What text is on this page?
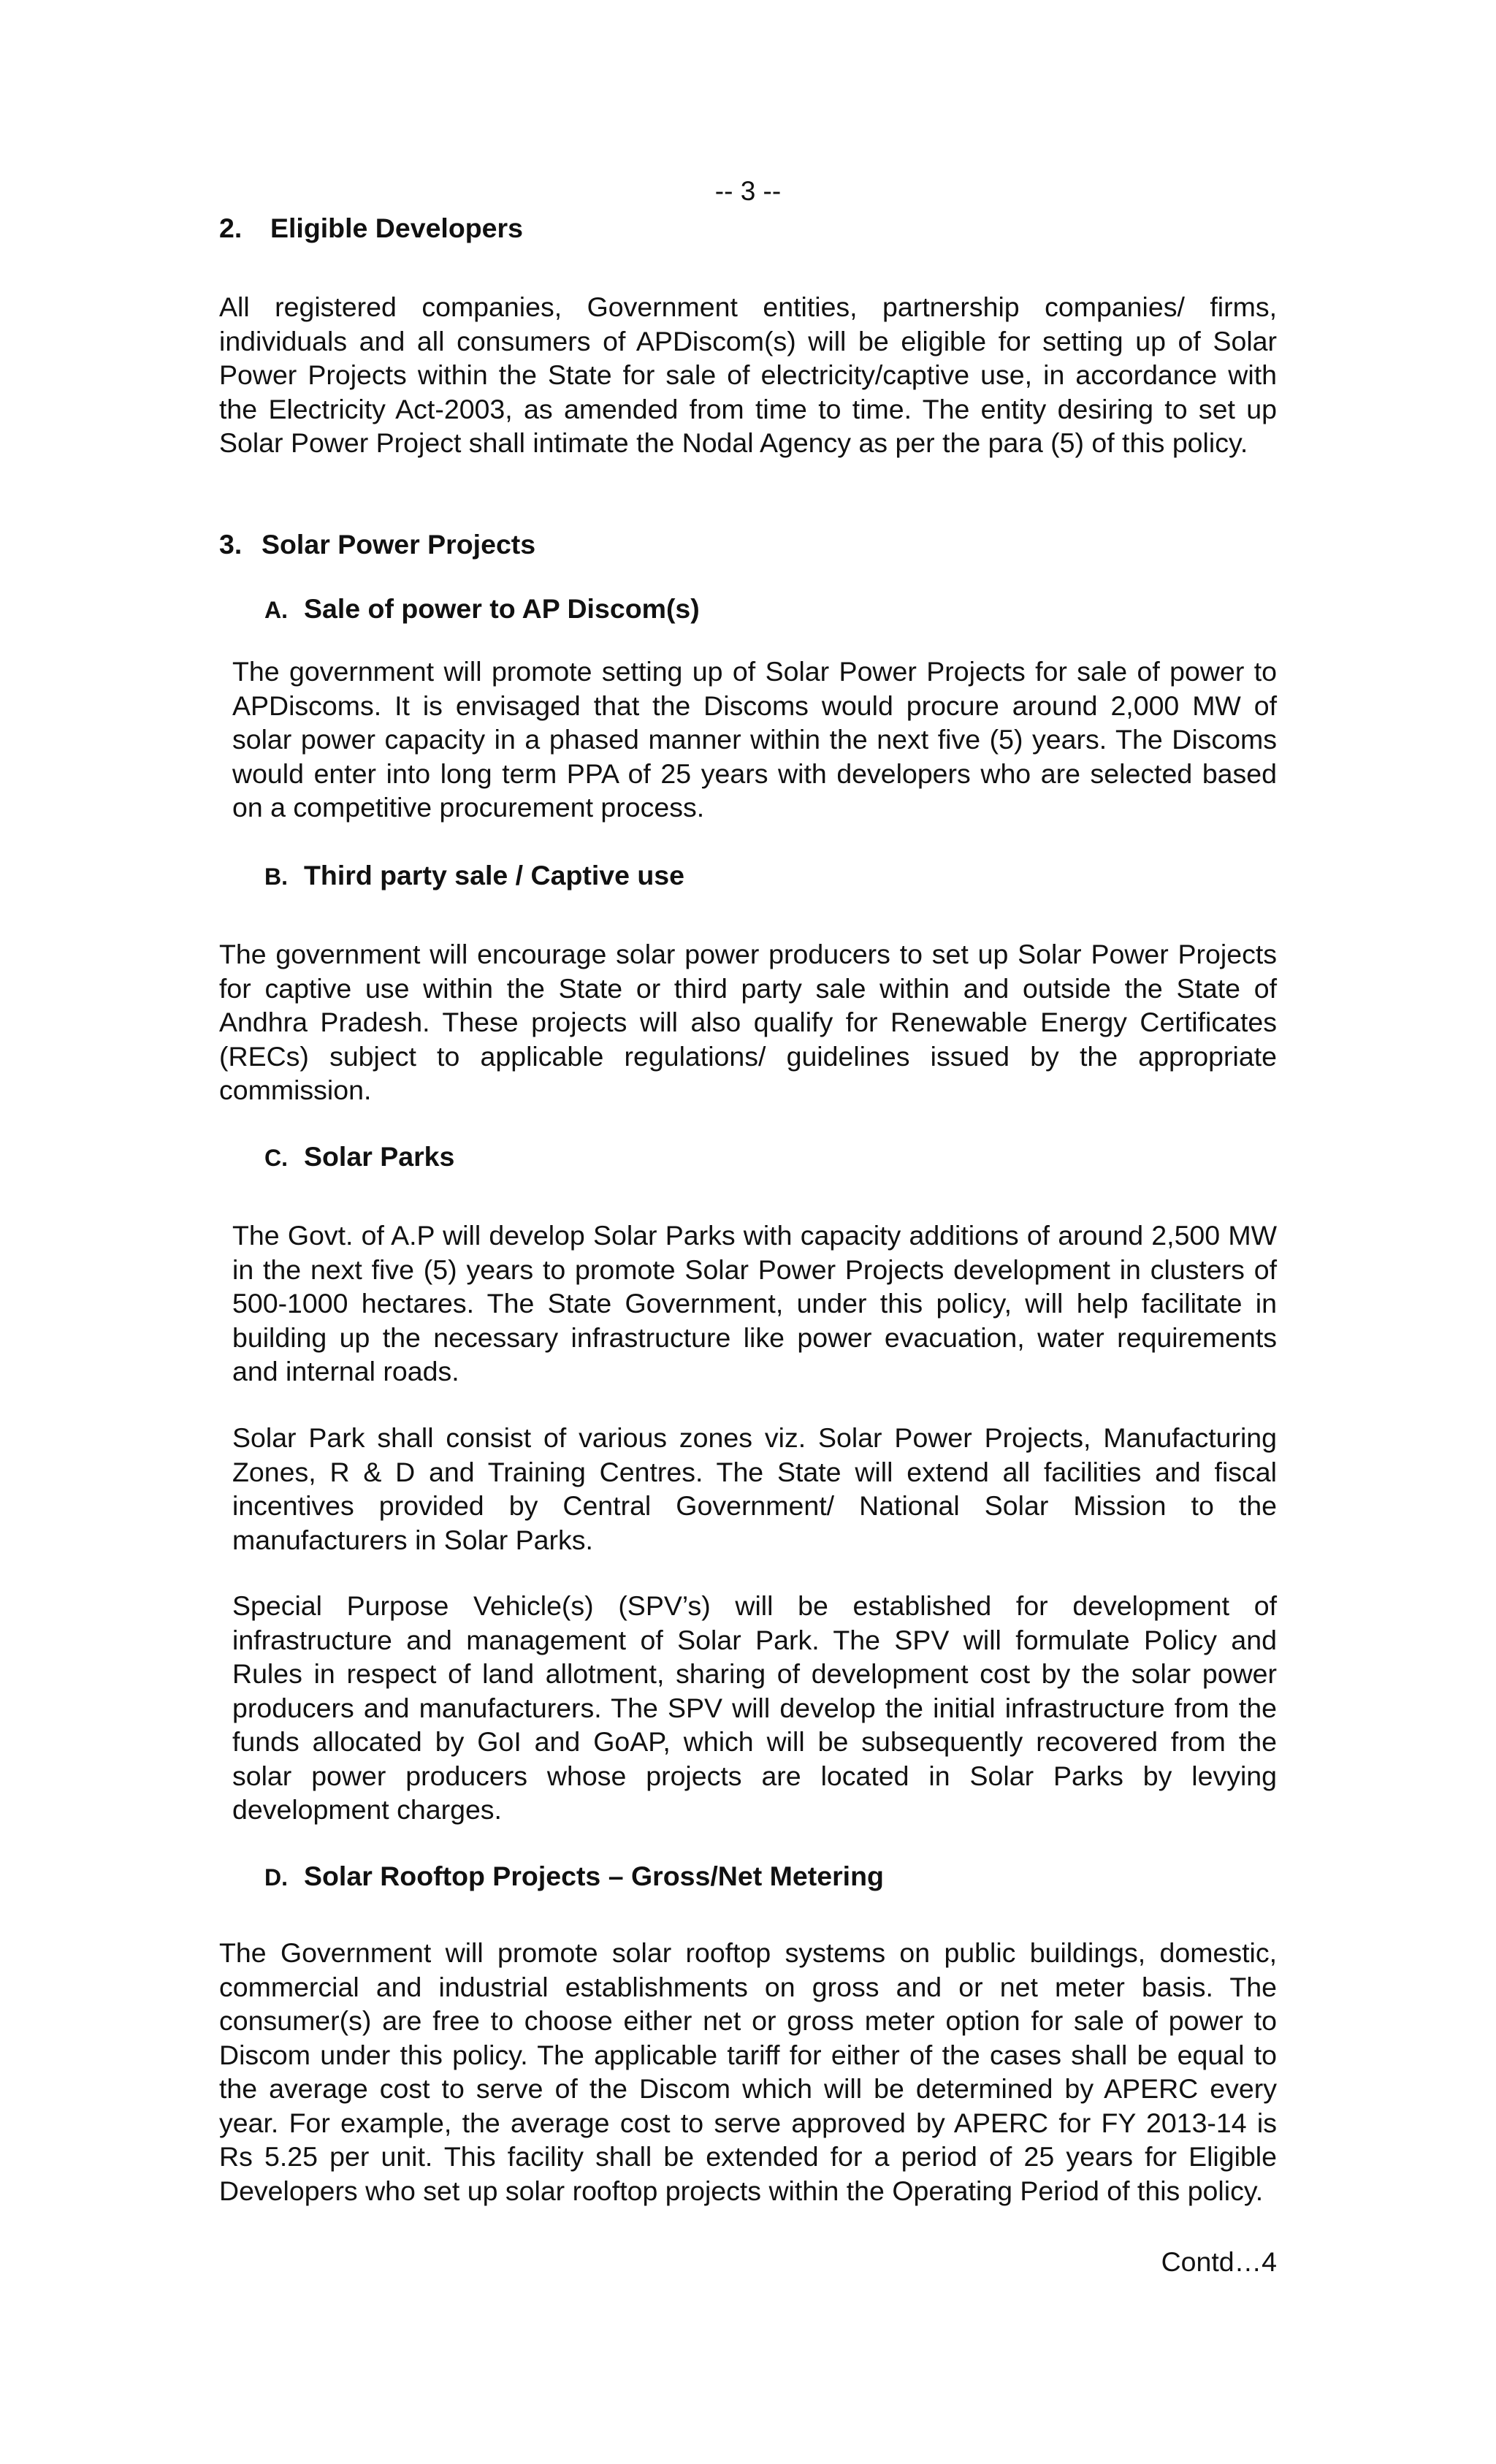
-- 3 --
2. Eligible Developers

All registered companies, Government entities, partnership companies/ firms, individuals and all consumers of APDiscom(s) will be eligible for setting up of Solar Power Projects within the State for sale of electricity/captive use, in accordance with the Electricity Act-2003, as amended from time to time. The entity desiring to set up Solar Power Project shall intimate the Nodal Agency as per the para (5) of this policy.

3. Solar Power Projects
A. Sale of power to AP Discom(s)

The government will promote setting up of Solar Power Projects for sale of power to APDiscoms. It is envisaged that the Discoms would procure around 2,000 MW of solar power capacity in a phased manner within the next five (5) years. The Discoms would enter into long term PPA of 25 years with developers who are selected based on a competitive procurement process.

B. Third party sale / Captive use

The government will encourage solar power producers to set up Solar Power Projects for captive use within the State or third party sale within and outside the State of Andhra Pradesh. These projects will also qualify for Renewable Energy Certificates (RECs) subject to applicable regulations/ guidelines issued by the appropriate commission.

C. Solar Parks

The Govt. of A.P will develop Solar Parks with capacity additions of around 2,500 MW in the next five (5) years to promote Solar Power Projects development in clusters of 500-1000 hectares. The State Government, under this policy, will help facilitate in building up the necessary infrastructure like power evacuation, water requirements and internal roads.

Solar Park shall consist of various zones viz. Solar Power Projects, Manufacturing Zones, R & D and Training Centres. The State will extend all facilities and fiscal incentives provided by Central Government/ National Solar Mission to the manufacturers in Solar Parks.

Special Purpose Vehicle(s) (SPV’s) will be established for development of infrastructure and management of Solar Park. The SPV will formulate Policy and Rules in respect of land allotment, sharing of development cost by the solar power producers and manufacturers. The SPV will develop the initial infrastructure from the funds allocated by GoI and GoAP, which will be subsequently recovered from the solar power producers whose projects are located in Solar Parks by levying development charges.

D. Solar Rooftop Projects – Gross/Net Metering

The Government will promote solar rooftop systems on public buildings, domestic, commercial and industrial establishments on gross and or net meter basis. The consumer(s) are free to choose either net or gross meter option for sale of power to Discom under this policy. The applicable tariff for either of the cases shall be equal to the average cost to serve of the Discom which will be determined by APERC every year. For example, the average cost to serve approved by APERC for FY 2013-14 is Rs 5.25 per unit. This facility shall be extended for a period of 25 years for Eligible Developers who set up solar rooftop projects within the Operating Period of this policy.

Contd…4
